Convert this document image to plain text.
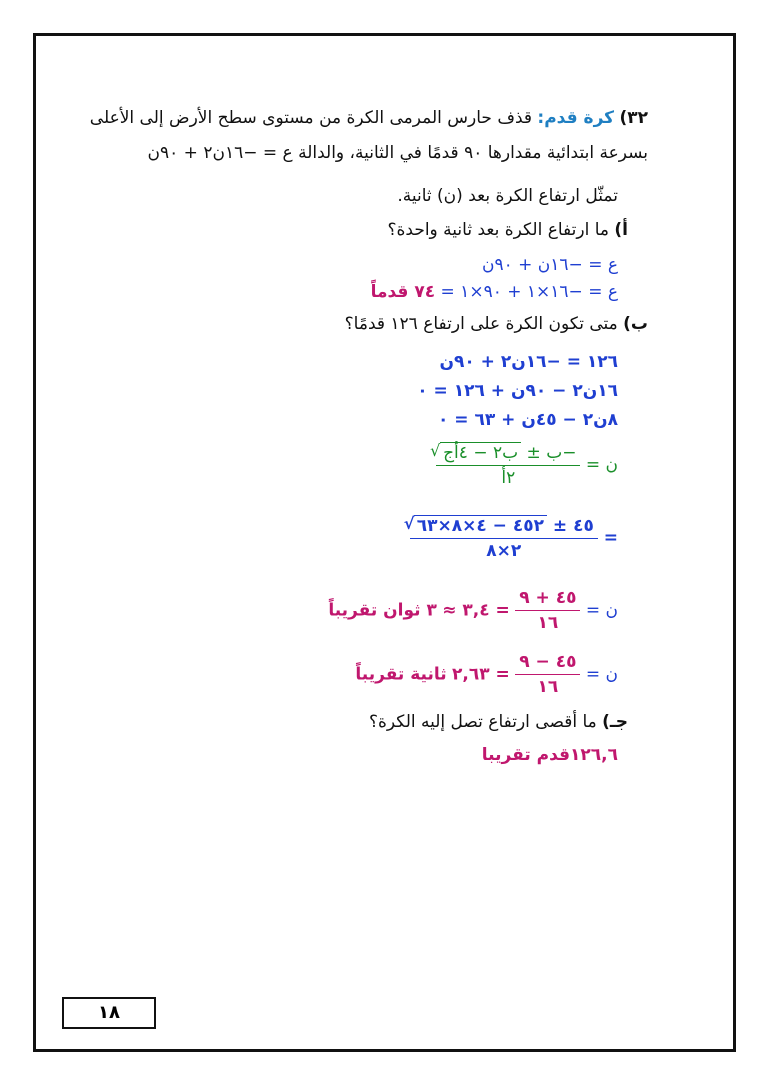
٣٢) كرة قدم: قذف حارس المرمى الكرة من مستوى سطح الأرض إلى الأعلى
بسرعة ابتدائية مقدارها ٩٠ قدمًا في الثانية، والدالة ع = −١٦ن٢ + ٩٠ن
تمثّل ارتفاع الكرة بعد (ن) ثانية.
أ) ما ارتفاع الكرة بعد ثانية واحدة؟
ع = −١٦ن + ٩٠ن
ع = −١٦×١ + ٩٠×١ = ٧٤ قدماً
ب) متى تكون الكرة على ارتفاع ١٢٦ قدمًا؟
١٢٦ = −١٦ن٢ + ٩٠ن
١٦ن٢ − ٩٠ن + ١٢٦ = ٠
٨ن٢ − ٤٥ن + ٦٣ = ٠
ن =
$\frac{\text{−ب ± ب٢ − ٤أج √}}{\text{٢أ}}$
=
$\frac{٤٥ \pm ٤٥٢ - ٤\times ٨\times ٦٣ √}{٢\times ٨}$
ن =
$\frac{٤٥ + ٩}{١٦}$
= ٣,٤ ≈ ٣ ثوان تقريباً
ن =
$\frac{٤٥ - ٩}{١٦}$
= ٢,٦٣ ثانية تقريباً
جـ) ما أقصى ارتفاع تصل إليه الكرة؟
١٢٦,٦قدم تقريبا
١٨
